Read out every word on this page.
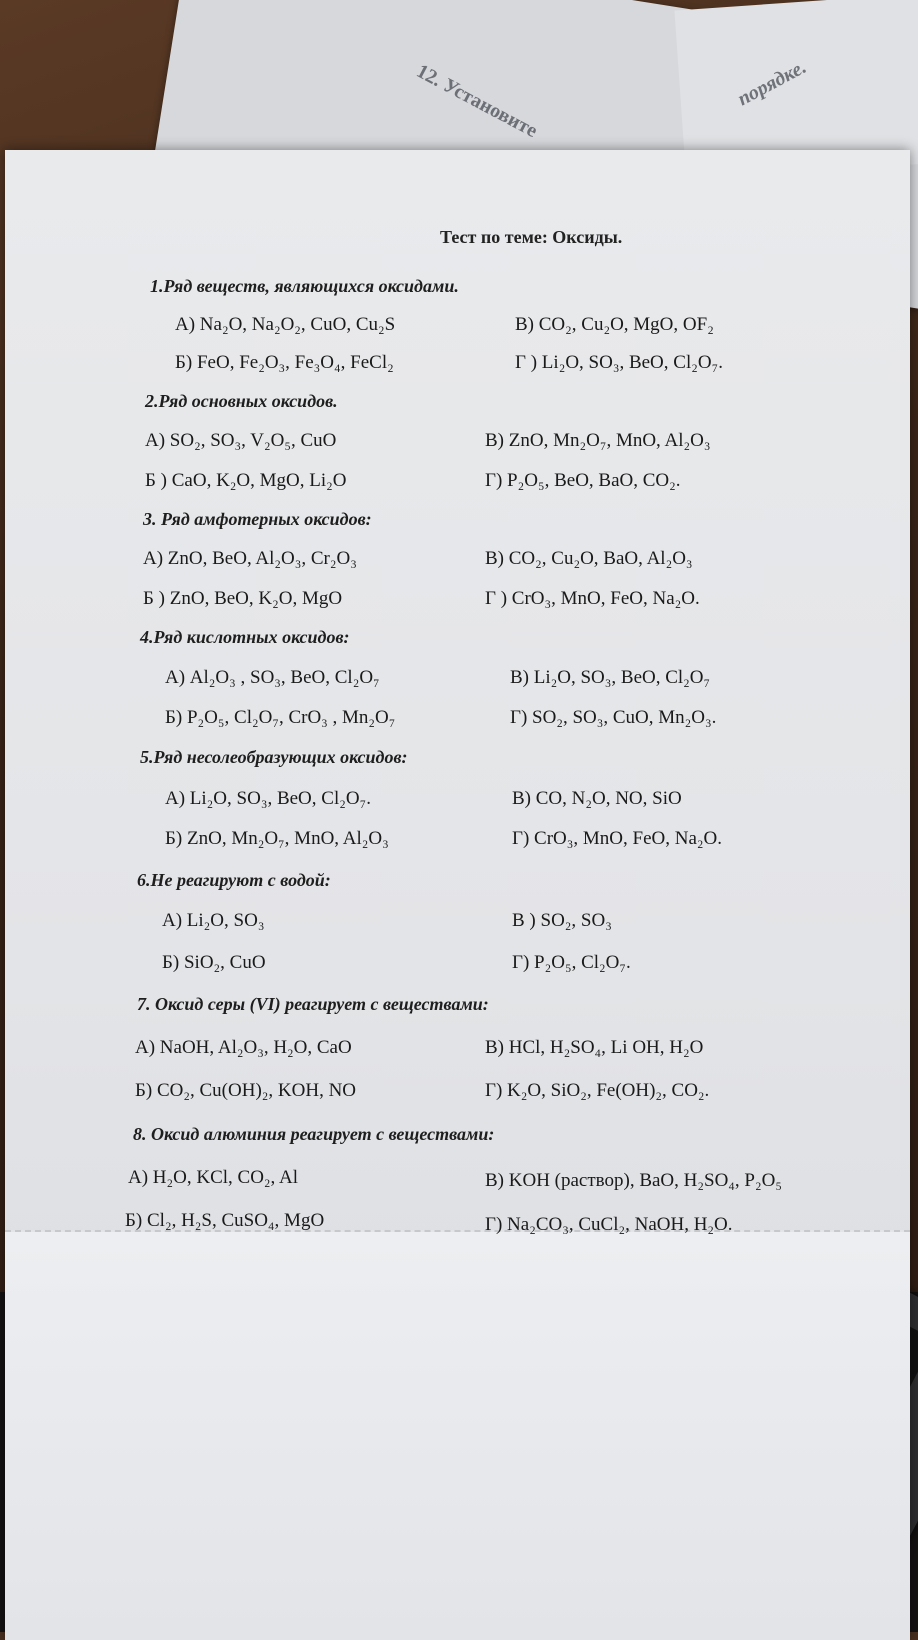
12. Установите	порядке.
Тест по теме: Оксиды.
1.Ряд веществ, являющихся оксидами.
А) Na₂O, Na₂O₂, CuO, Cu₂S	В) CO₂, Cu₂O, MgO, OF₂
Б) FeO, Fe₂O₃, Fe₃O₄, FeCl₂	Г ) Li₂O, SO₃, BeO, Cl₂O₇.
2.Ряд основных оксидов.
А) SO₂, SO₃, V₂O₅, CuO	В) ZnO, Mn₂O₇, MnO, Al₂O₃
Б ) CaO, K₂O, MgO, Li₂O	Г) P₂O₅, BeO, BaO, CO₂.
3. Ряд амфотерных оксидов:
А) ZnO, BeO, Al₂O₃, Cr₂O₃	В) CO₂, Cu₂O, BaO, Al₂O₃
Б ) ZnO, BeO, K₂O, MgO	Г ) CrO₃, MnO, FeO, Na₂O.
4.Ряд кислотных оксидов:
А) Al₂O₃ , SO₃, BeO, Cl₂O₇	В) Li₂O, SO₃, BeO, Cl₂O₇
Б) P₂O₅, Cl₂O₇, CrO₃ , Mn₂O₇	Г) SO₂, SO₃, CuO, Mn₂O₃.
5.Ряд несолеобразующих оксидов:
А) Li₂O, SO₃, BeO, Cl₂O₇.	В) CO, N₂O, NO, SiO
Б) ZnO, Mn₂O₇, MnO, Al₂O₃	Г) CrO₃, MnO, FeO, Na₂O.
6.Не реагируют с водой:
А) Li₂O, SO₃	В ) SO₂, SO₃
Б) SiO₂, CuO	Г) P₂O₅, Cl₂O₇.
7. Оксид серы (VI) реагирует с веществами:
А) NaOH, Al₂O₃, H₂O, CaO	В) HCl, H₂SO₄, Li OH, H₂O
Б) CO₂, Cu(OH)₂, KOH, NO	Г) K₂O, SiO₂, Fe(OH)₂, CO₂.
8. Оксид алюминия реагирует с веществами:
А) H₂O, KCl, CO₂, Al	В) KOH (раствор), BaO, H₂SO₄, P₂O₅
Б) Cl₂, H₂S, CuSO₄, MgO	Г) Na₂CO₃, CuCl₂, NaOH, H₂O.
